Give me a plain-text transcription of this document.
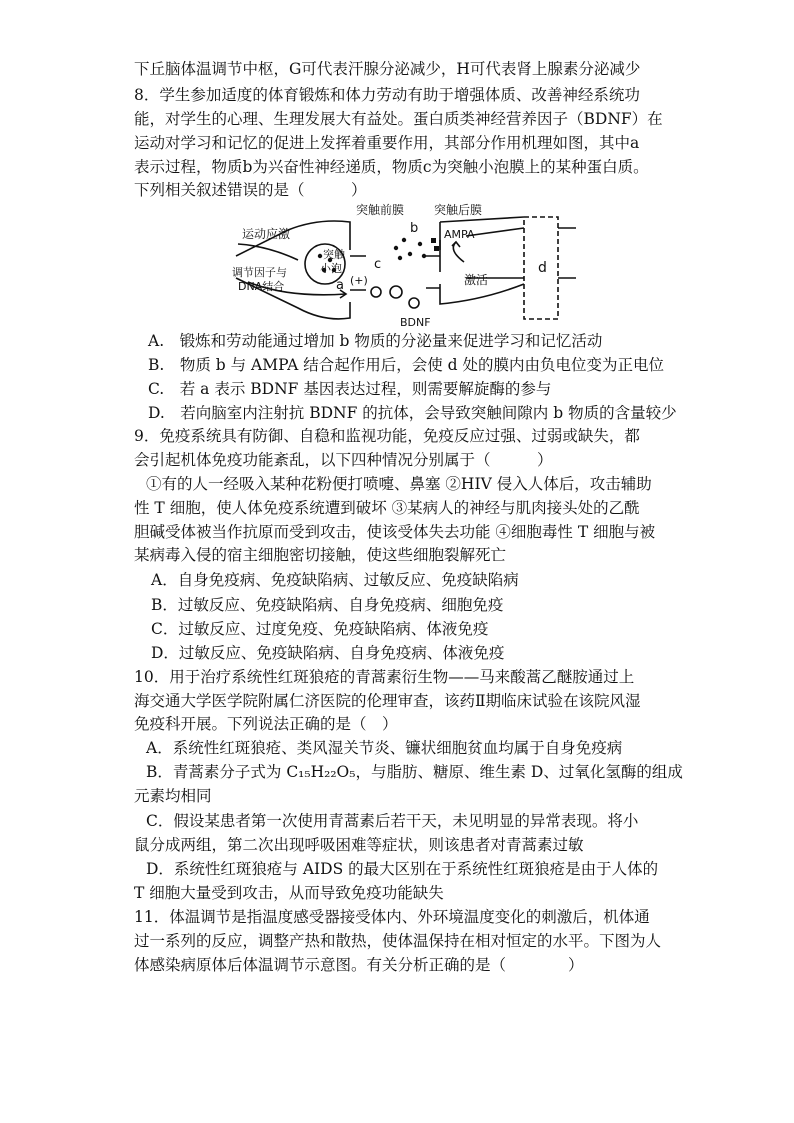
下丘脑体温调节中枢，G可代表汗腺分泌减少，H可代表肾上腺素分泌减少
8．学生参加适度的体育锻炼和体力劳动有助于增强体质、改善神经系统功
能，对学生的心理、生理发展大有益处。蛋白质类神经营养因子（BDNF）在
运动对学习和记忆的促进上发挥着重要作用，其部分作用机理如图，其中a
表示过程，物质b为兴奋性神经递质，物质c为突触小泡膜上的某种蛋白质。
下列相关叙述错误的是（　　　）
突触前膜 突触后膜
运动应激
突触
小泡
调节因子与
DNA结合	a
b
c	d
(+)
AMPA
激活
BDNF
A.　锻炼和劳动能通过增加 b 物质的分泌量来促进学习和记忆活动
B.　物质 b 与 AMPA 结合起作用后，会使 d 处的膜内由负电位变为正电位
C.　若 a 表示 BDNF 基因表达过程，则需要解旋酶的参与
D.　若向脑室内注射抗 BDNF 的抗体，会导致突触间隙内 b 物质的含量较少
9．免疫系统具有防御、自稳和监视功能，免疫反应过强、过弱或缺失，都
会引起机体免疫功能紊乱，以下四种情况分别属于（　　　）
①有的人一经吸入某种花粉便打喷嚏、鼻塞 ②HIV 侵入人体后，攻击辅助
性 T 细胞，使人体免疫系统遭到破坏 ③某病人的神经与肌肉接头处的乙酰
胆碱受体被当作抗原而受到攻击，使该受体失去功能 ④细胞毒性 T 细胞与被
某病毒入侵的宿主细胞密切接触，使这些细胞裂解死亡
A．自身免疫病、免疫缺陷病、过敏反应、免疫缺陷病
B．过敏反应、免疫缺陷病、自身免疫病、细胞免疫
C．过敏反应、过度免疫、免疫缺陷病、体液免疫
D．过敏反应、免疫缺陷病、自身免疫病、体液免疫
10．用于治疗系统性红斑狼疮的青蒿素衍生物——马来酸蒿乙醚胺通过上
海交通大学医学院附属仁济医院的伦理审查，该药Ⅱ期临床试验在该院风湿
免疫科开展。下列说法正确的是（　）
A．系统性红斑狼疮、类风湿关节炎、镰状细胞贫血均属于自身免疫病
B．青蒿素分子式为 C₁₅H₂₂O₅，与脂肪、糖原、维生素 D、过氧化氢酶的组成
元素均相同
C．假设某患者第一次使用青蒿素后若干天，未见明显的异常表现。将小
鼠分成两组，第二次出现呼吸困难等症状，则该患者对青蒿素过敏
D．系统性红斑狼疮与 AIDS 的最大区别在于系统性红斑狼疮是由于人体的
T 细胞大量受到攻击，从而导致免疫功能缺失
11．体温调节是指温度感受器接受体内、外环境温度变化的刺激后，机体通
过一系列的反应，调整产热和散热，使体温保持在相对恒定的水平。下图为人
体感染病原体后体温调节示意图。有关分析正确的是（　　　　）
